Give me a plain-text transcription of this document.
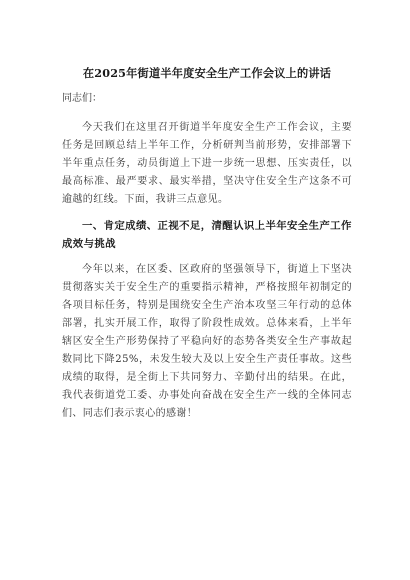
在2025年街道半年度安全生产工作会议上的讲话
同志们：

今天我们在这里召开街道半年度安全生产工作会议，主要任务是回顾总结上半年工作，分析研判当前形势，安排部署下半年重点任务，动员街道上下进一步统一思想、压实责任，以最高标准、最严要求、最实举措，坚决守住安全生产这条不可逾越的红线。下面，我讲三点意见。

一、肯定成绩、正视不足，清醒认识上半年安全生产工作成效与挑战

今年以来，在区委、区政府的坚强领导下，街道上下坚决贯彻落实关于安全生产的重要指示精神，严格按照年初制定的各项目标任务，特别是围绕安全生产治本攻坚三年行动的总体部署，扎实开展工作，取得了阶段性成效。总体来看，上半年辖区安全生产形势保持了平稳向好的态势各类安全生产事故起数同比下降25%，未发生较大及以上安全生产责任事故。这些成绩的取得，是全街上下共同努力、辛勤付出的结果。在此，我代表街道党工委、办事处向奋战在安全生产一线的全体同志们、同志们表示衷心的感谢！
